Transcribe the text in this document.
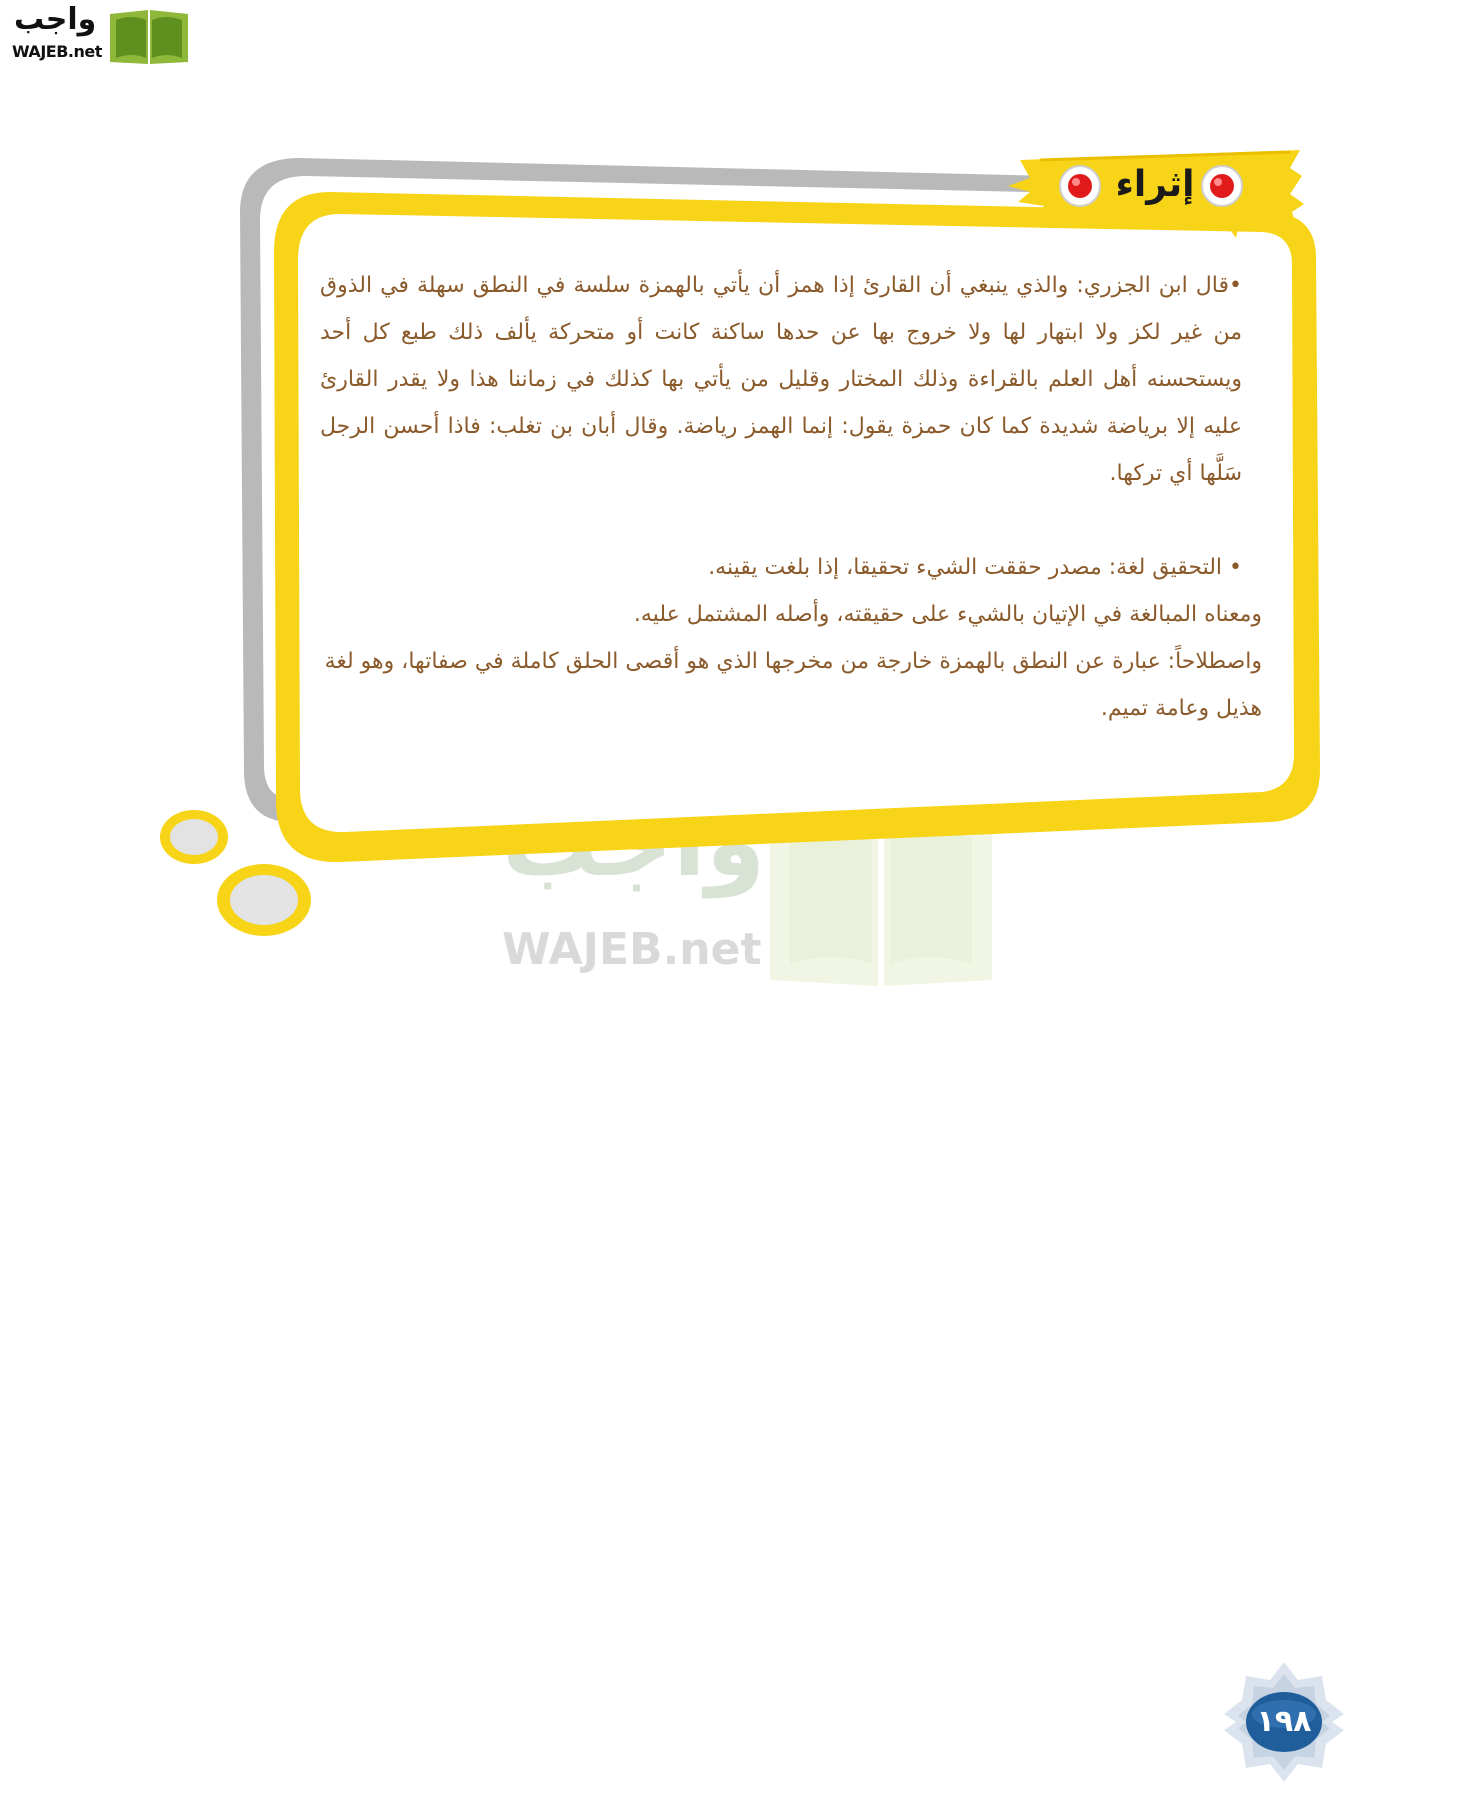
واجب
WAJEB.net
WAJEB.net
إثراء

•قال ابن الجزري: والذي ينبغي أن القارئ إذا همز أن يأتي بالهمزة سلسة في النطق سهلة في الذوق من غير لكز ولا ابتهار لها ولا خروج بها عن حدها ساكنة كانت أو متحركة يألف ذلك طبع كل أحد ويستحسنه أهل العلم بالقراءة وذلك المختار وقليل من يأتي بها كذلك في زماننا هذا ولا يقدر القارئ عليه إلا برياضة شديدة كما كان حمزة يقول: إنما الهمز رياضة. وقال أبان بن تغلب: فاذا أحسن الرجل سَلَّها أي تركها.

• التحقيق لغة: مصدر حققت الشيء تحقيقا، إذا بلغت يقينه.

ومعناه المبالغة في الإتيان بالشيء على حقيقته، وأصله المشتمل عليه.

واصطلاحاً: عبارة عن النطق بالهمزة خارجة من مخرجها الذي هو أقصى الحلق كاملة في صفاتها، وهو لغة هذيل وعامة تميم.

١٩٨
